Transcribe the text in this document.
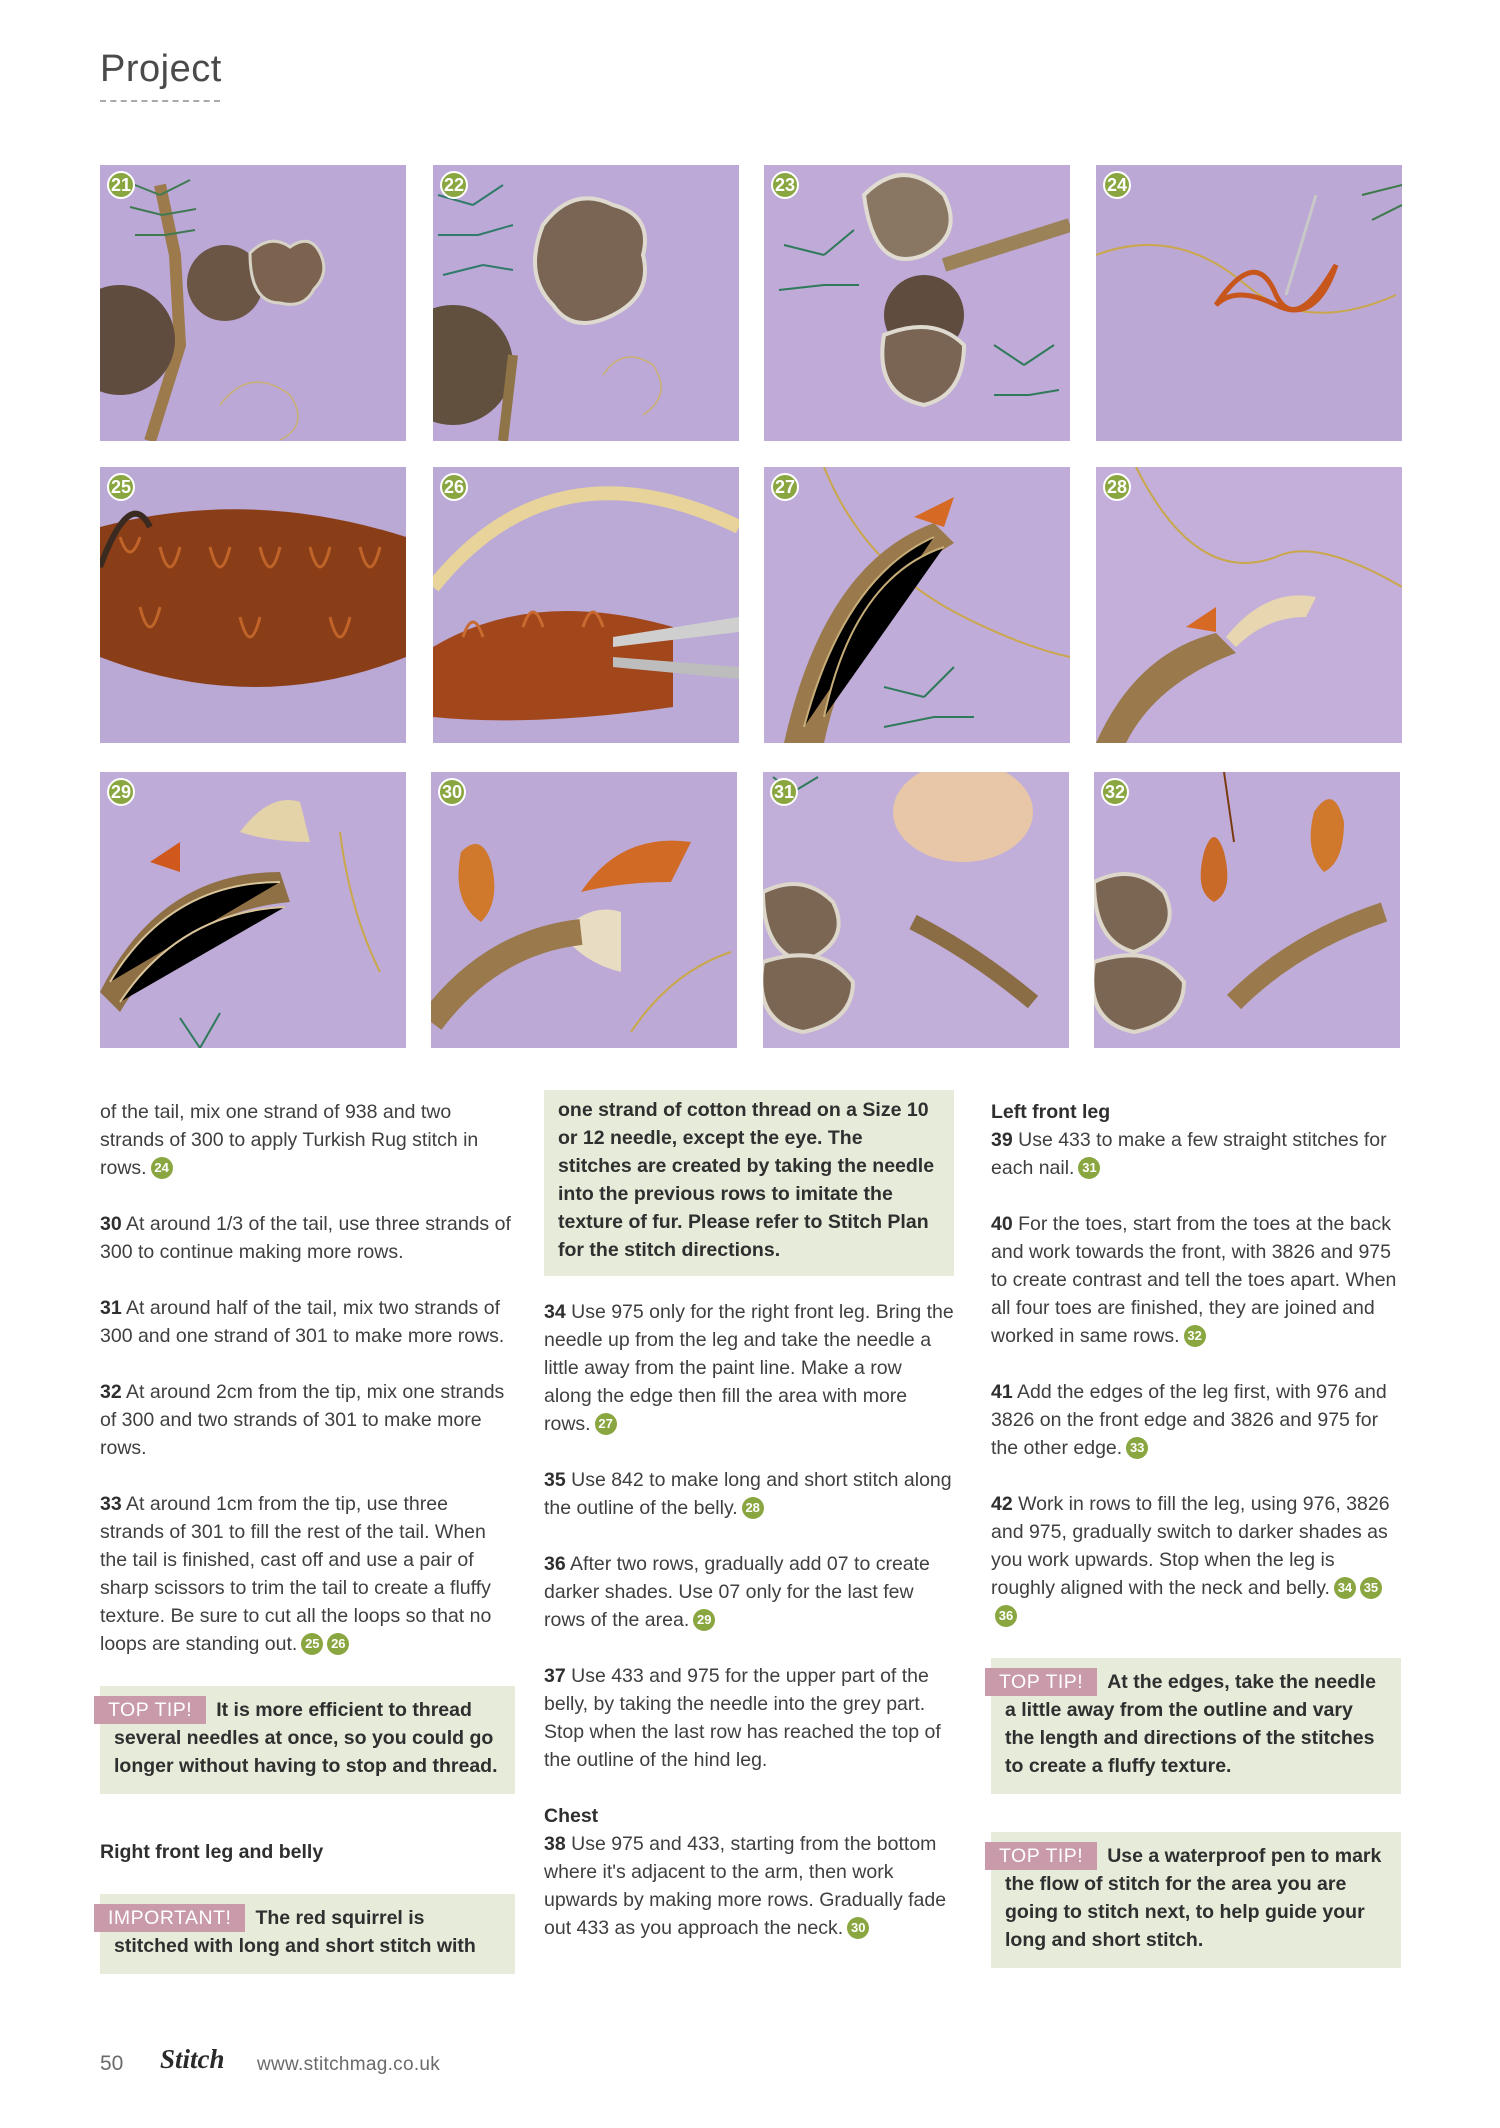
Project
21	22	23	24
25	26	27	28
29	30	31	32

of the tail, mix one strand of 938 and two strands of 300 to apply Turkish Rug stitch in rows. 24

30 At around 1/3 of the tail, use three strands of 300 to continue making more rows.

31 At around half of the tail, mix two strands of 300 and one strand of 301 to make more rows.

32 At around 2cm from the tip, mix one strands of 300 and two strands of 301 to make more rows.

33 At around 1cm from the tip, use three strands of 301 to fill the rest of the tail. When the tail is finished, cast off and use a pair of sharp scissors to trim the tail to create a fluffy texture. Be sure to cut all the loops so that no loops are standing out. 25 26

TOP TIP! It is more efficient to thread several needles at once, so you could go longer without having to stop and thread.

Right front leg and belly

IMPORTANT! The red squirrel is stitched with long and short stitch with
one strand of cotton thread on a Size 10 or 12 needle, except the eye. The stitches are created by taking the needle into the previous rows to imitate the texture of fur. Please refer to Stitch Plan for the stitch directions.

34 Use 975 only for the right front leg. Bring the needle up from the leg and take the needle a little away from the paint line. Make a row along the edge then fill the area with more rows. 27

35 Use 842 to make long and short stitch along the outline of the belly. 28

36 After two rows, gradually add 07 to create darker shades. Use 07 only for the last few rows of the area. 29

37 Use 433 and 975 for the upper part of the belly, by taking the needle into the grey part. Stop when the last row has reached the top of the outline of the hind leg.

Chest

38 Use 975 and 433, starting from the bottom where it's adjacent to the arm, then work upwards by making more rows. Gradually fade out 433 as you approach the neck. 30

Left front leg

39 Use 433 to make a few straight stitches for each nail. 31

40 For the toes, start from the toes at the back and work towards the front, with 3826 and 975 to create contrast and tell the toes apart. When all four toes are finished, they are joined and worked in same rows. 32

41 Add the edges of the leg first, with 976 and 3826 on the front edge and 3826 and 975 for the other edge. 33

42 Work in rows to fill the leg, using 976, 3826 and 975, gradually switch to darker shades as you work upwards. Stop when the leg is roughly aligned with the neck and belly. 34 3536

TOP TIP! At the edges, take the needle a little away from the outline and vary the length and directions of the stitches to create a fluffy texture.
TOP TIP! Use a waterproof pen to mark the flow of stitch for the area you are going to stitch next, to help guide your long and short stitch.
50 Stitch www.stitchmag.co.uk
